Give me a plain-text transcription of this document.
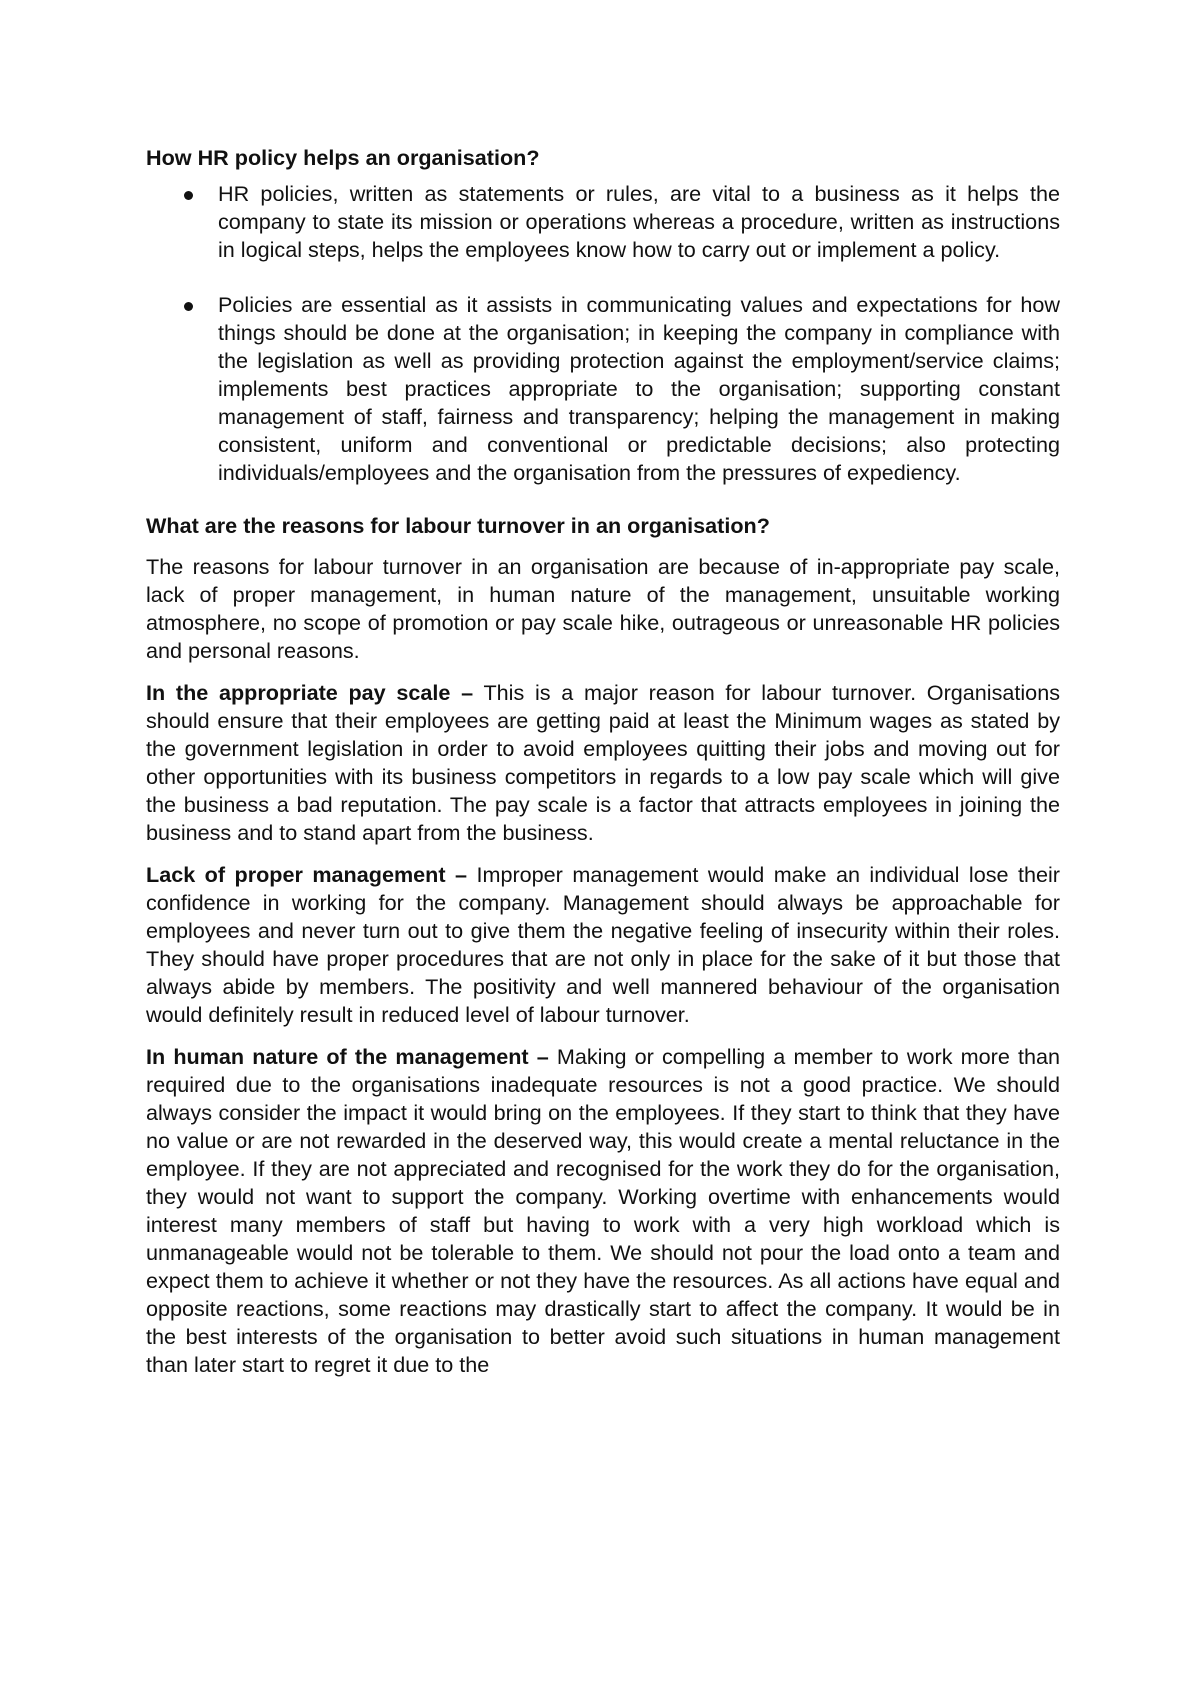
How HR policy helps an organisation?

HR policies, written as statements or rules, are vital to a business as it helps the company to state its mission or operations whereas a procedure, written as instructions in logical steps, helps the employees know how to carry out or implement a policy.
Policies are essential as it assists in communicating values and expectations for how things should be done at the organisation; in keeping the company in compliance with the legislation as well as providing protection against the employment/service claims; implements best practices appropriate to the organisation; supporting constant management of staff, fairness and transparency; helping the management in making consistent, uniform and conventional or predictable decisions; also protecting individuals/employees and the organisation from the pressures of expediency.

What are the reasons for labour turnover in an organisation?

The reasons for labour turnover in an organisation are because of in-appropriate pay scale, lack of proper management, in human nature of the management, unsuitable working atmosphere, no scope of promotion or pay scale hike, outrageous or unreasonable HR policies and personal reasons.

In the appropriate pay scale – This is a major reason for labour turnover. Organisations should ensure that their employees are getting paid at least the Minimum wages as stated by the government legislation in order to avoid employees quitting their jobs and moving out for other opportunities with its business competitors in regards to a low pay scale which will give the business a bad reputation. The pay scale is a factor that attracts employees in joining the business and to stand apart from the business.

Lack of proper management – Improper management would make an individual lose their confidence in working for the company. Management should always be approachable for employees and never turn out to give them the negative feeling of insecurity within their roles. They should have proper procedures that are not only in place for the sake of it but those that always abide by members. The positivity and well mannered behaviour of the organisation would definitely result in reduced level of labour turnover.

In human nature of the management – Making or compelling a member to work more than required due to the organisations inadequate resources is not a good practice. We should always consider the impact it would bring on the employees. If they start to think that they have no value or are not rewarded in the deserved way, this would create a mental reluctance in the employee. If they are not appreciated and recognised for the work they do for the organisation, they would not want to support the company. Working overtime with enhancements would interest many members of staff but having to work with a very high workload which is unmanageable would not be tolerable to them. We should not pour the load onto a team and expect them to achieve it whether or not they have the resources. As all actions have equal and opposite reactions, some reactions may drastically start to affect the company. It would be in the best interests of the organisation to better avoid such situations in human management than later start to regret it due to the
